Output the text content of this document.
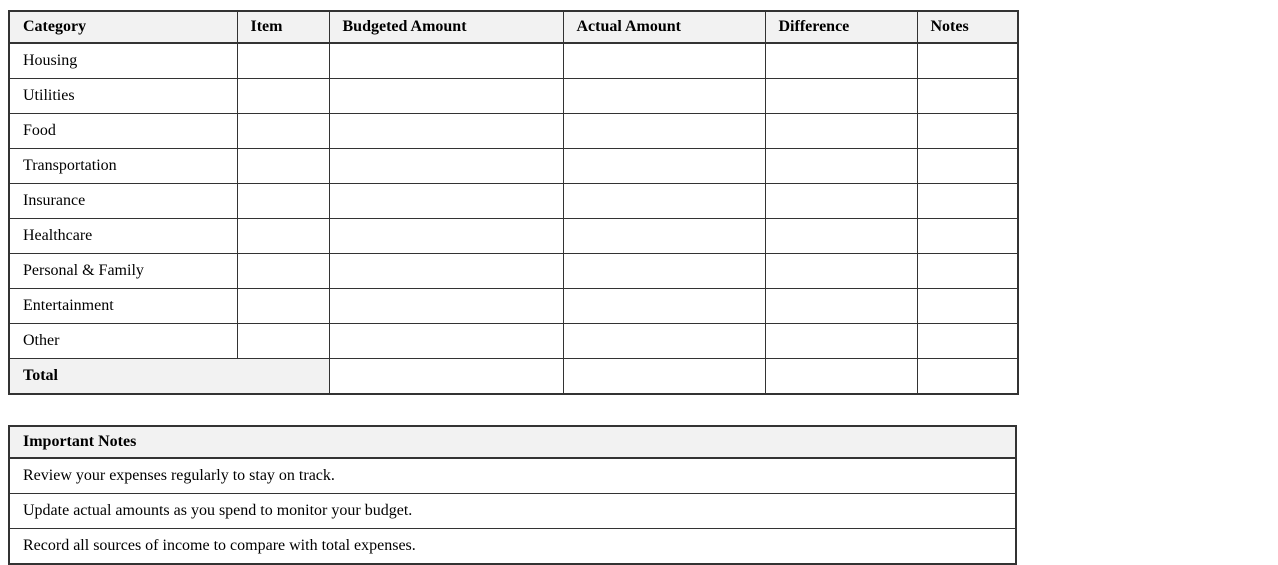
Category	Item	Budgeted Amount	Actual Amount	Difference	Notes
Housing					
Utilities					
Food					
Transportation					
Insurance					
Healthcare					
Personal & Family					
Entertainment					
Other					
Total					
Important Notes
Review your expenses regularly to stay on track.
Update actual amounts as you spend to monitor your budget.
Record all sources of income to compare with total expenses.
